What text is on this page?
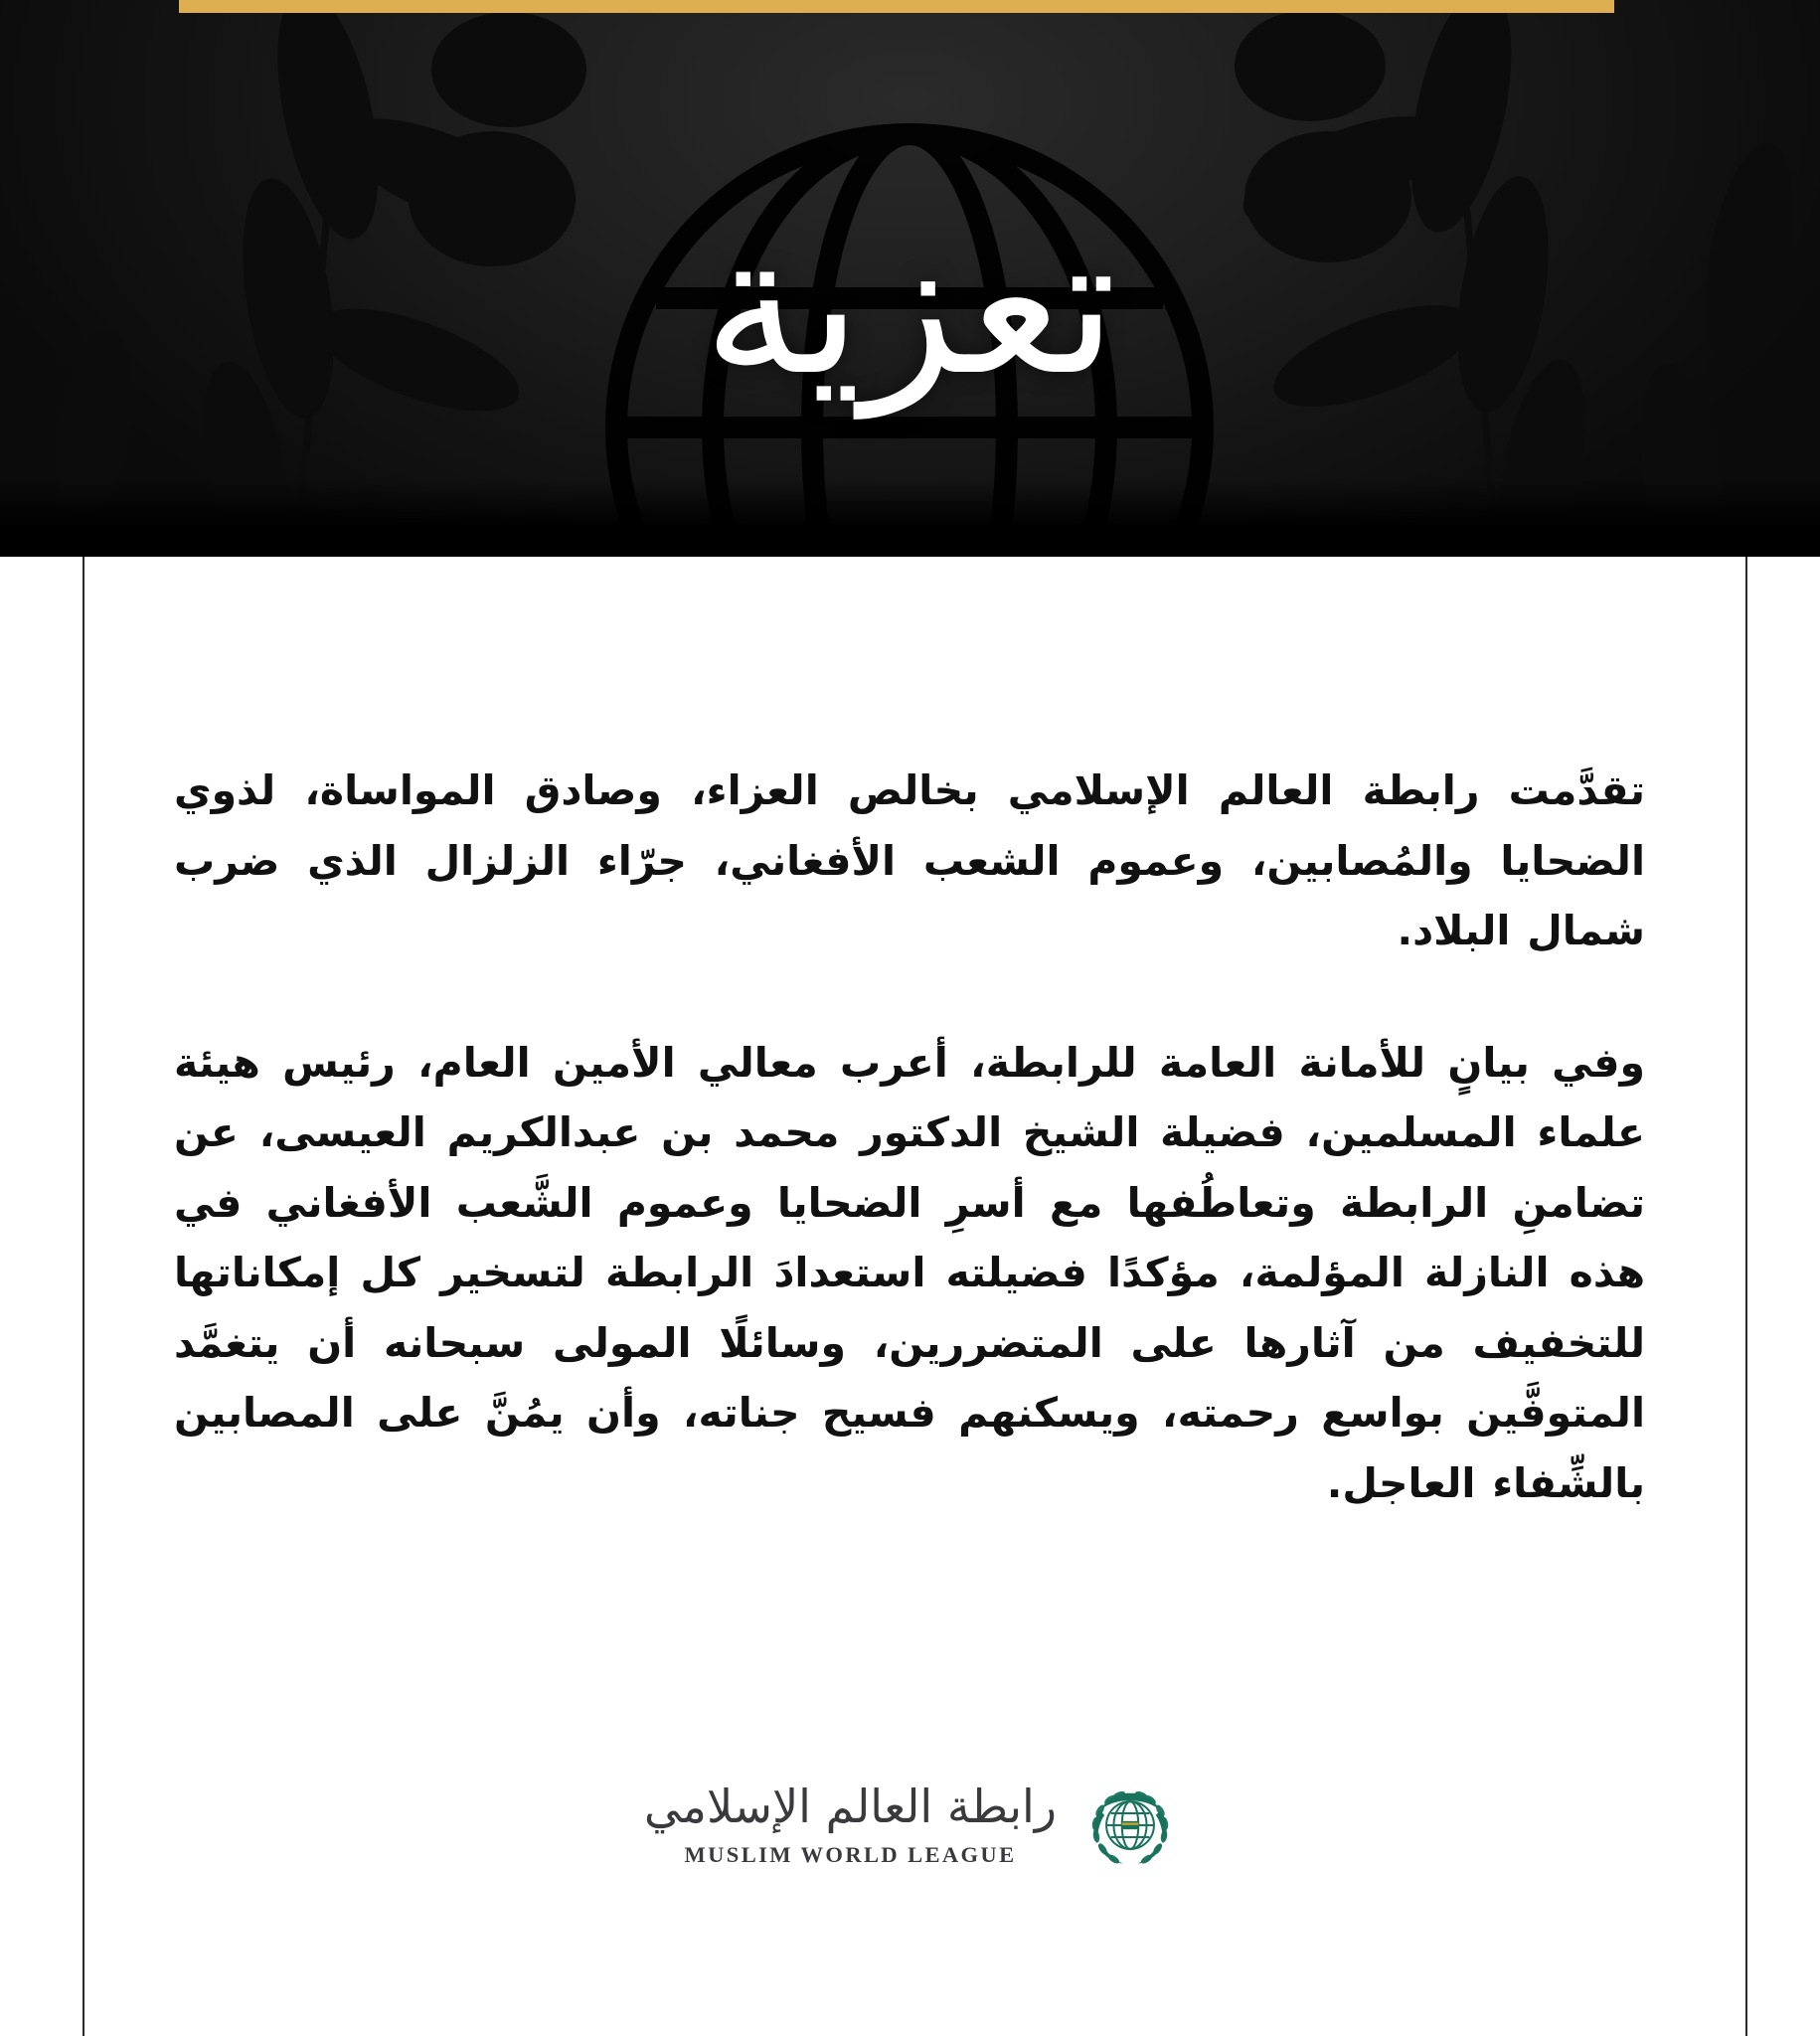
تعزية

تقدَّمت رابطة العالم الإسلامي بخالص العزاء، وصادق المواساة، لذوي الضحايا والمُصابين، وعموم الشعب الأفغاني، جرّاء الزلزال الذي ضرب شمال البلاد.

وفي بيانٍ للأمانة العامة للرابطة، أعرب معالي الأمين العام، رئيس هيئة علماء المسلمين، فضيلة الشيخ الدكتور محمد بن عبدالكريم العيسى، عن تضامنِ الرابطة وتعاطُفها مع أسرِ الضحايا وعموم الشَّعب الأفغاني في هذه النازلة المؤلمة، مؤكدًا فضيلته استعدادَ الرابطة لتسخير كل إمكاناتها للتخفيف من آثارها على المتضررين، وسائلًا المولى سبحانه أن يتغمَّد المتوفَّين بواسع رحمته، ويسكنهم فسيح جناته، وأن يمُنَّ على المصابين بالشِّفاء العاجل.

رابطة العالم الإسلامي
MUSLIM WORLD LEAGUE
